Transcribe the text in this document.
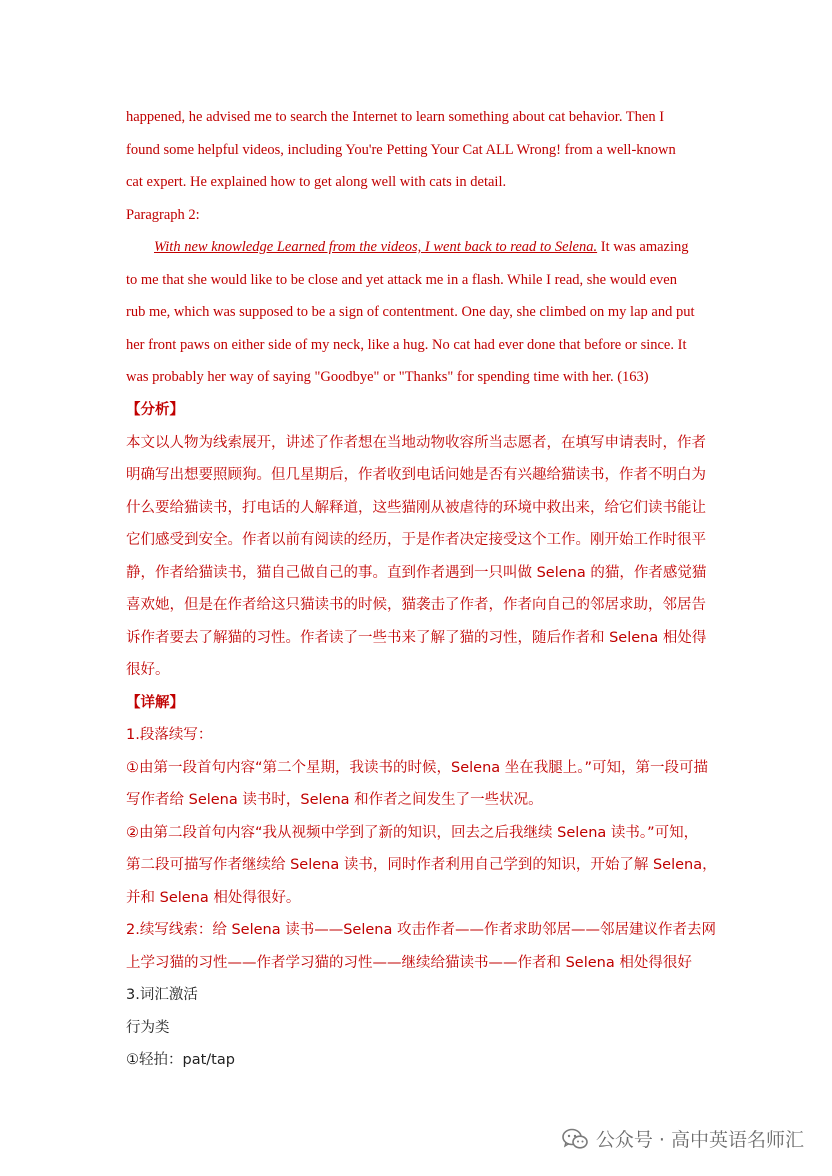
happened, he advised me to search the Internet to learn something about cat behavior. Then I

found some helpful videos, including You're Petting Your Cat ALL Wrong! from a well-known

cat expert. He explained how to get along well with cats in detail.

Paragraph 2:

With new knowledge Learned from the videos, I went back to read to Selena. It was amazing

to me that she would like to be close and yet attack me in a flash. While I read, she would even

rub me, which was supposed to be a sign of contentment. One day, she climbed on my lap and put

her front paws on either side of my neck, like a hug. No cat had ever done that before or since. It

was probably her way of saying "Goodbye" or "Thanks" for spending time with her. (163)

【分析】

本文以人物为线索展开，讲述了作者想在当地动物收容所当志愿者，在填写申请表时，作者

明确写出想要照顾狗。但几星期后，作者收到电话问她是否有兴趣给猫读书，作者不明白为

什么要给猫读书，打电话的人解释道，这些猫刚从被虐待的环境中救出来，给它们读书能让

它们感受到安全。作者以前有阅读的经历，于是作者决定接受这个工作。刚开始工作时很平

静，作者给猫读书，猫自己做自己的事。直到作者遇到一只叫做 Selena 的猫，作者感觉猫

喜欢她，但是在作者给这只猫读书的时候，猫袭击了作者，作者向自己的邻居求助，邻居告

诉作者要去了解猫的习性。作者读了一些书来了解了猫的习性，随后作者和 Selena 相处得

很好。

【详解】

1.段落续写：

①由第一段首句内容“第二个星期，我读书的时候，Selena 坐在我腿上。”可知，第一段可描

写作者给 Selena 读书时，Selena 和作者之间发生了一些状况。

②由第二段首句内容“我从视频中学到了新的知识，回去之后我继续 Selena 读书。”可知，

第二段可描写作者继续给 Selena 读书，同时作者利用自己学到的知识，开始了解 Selena，

并和 Selena 相处得很好。

2.续写线索：给 Selena 读书——Selena 攻击作者——作者求助邻居——邻居建议作者去网

上学习猫的习性——作者学习猫的习性——继续给猫读书——作者和 Selena 相处得很好

3.词汇激活

行为类

①轻拍：pat/tap

公众号 · 高中英语名师汇
